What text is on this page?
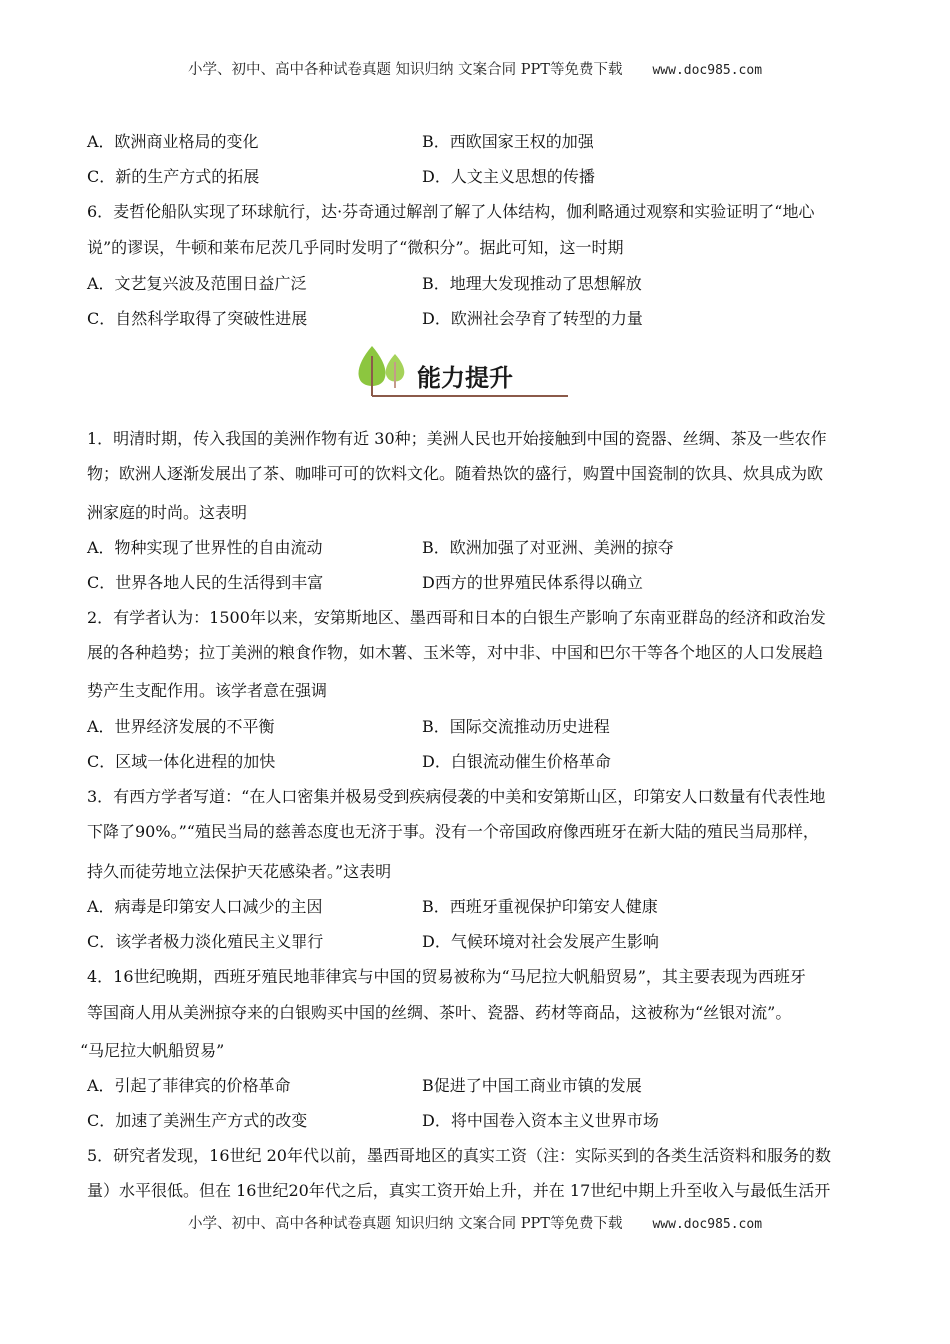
小学、初中、高中各种试卷真题 知识归纳 文案合同 PPT等免费下载 www.doc985.com
A．欧洲商业格局的变化	B．西欧国家王权的加强
C．新的生产方式的拓展	D．人文主义思想的传播
6．麦哲伦船队实现了环球航行，达·芬奇通过解剖了解了人体结构，伽利略通过观察和实验证明了“地心
说”的谬误，牛顿和莱布尼茨几乎同时发明了“微积分”。据此可知，这一时期
A．文艺复兴波及范围日益广泛	B．地理大发现推动了思想解放
C．自然科学取得了突破性进展	D．欧洲社会孕育了转型的力量
能力提升
1．明清时期，传入我国的美洲作物有近 30种；美洲人民也开始接触到中国的瓷器、丝绸、茶及一些农作
物；欧洲人逐渐发展出了茶、咖啡可可的饮料文化。随着热饮的盛行，购置中国瓷制的饮具、炊具成为欧
洲家庭的时尚。这表明
A．物种实现了世界性的自由流动	B．欧洲加强了对亚洲、美洲的掠夺
C．世界各地人民的生活得到丰富	D西方的世界殖民体系得以确立
2．有学者认为：1500年以来，安第斯地区、墨西哥和日本的白银生产影响了东南亚群岛的经济和政治发
展的各种趋势；拉丁美洲的粮食作物，如木薯、玉米等，对中非、中国和巴尔干等各个地区的人口发展趋
势产生支配作用。该学者意在强调
A．世界经济发展的不平衡	B．国际交流推动历史进程
C．区域一体化进程的加快	D．白银流动催生价格革命
3．有西方学者写道：“在人口密集并极易受到疾病侵袭的中美和安第斯山区，印第安人口数量有代表性地
下降了90%。”“殖民当局的慈善态度也无济于事。没有一个帝国政府像西班牙在新大陆的殖民当局那样，
持久而徒劳地立法保护天花感染者。”这表明
A．病毒是印第安人口减少的主因	B．西班牙重视保护印第安人健康
C．该学者极力淡化殖民主义罪行	D．气候环境对社会发展产生影响
4．16世纪晚期，西班牙殖民地菲律宾与中国的贸易被称为“马尼拉大帆船贸易”，其主要表现为西班牙
等国商人用从美洲掠夺来的白银购买中国的丝绸、茶叶、瓷器、药材等商品，这被称为“丝银对流”。
“马尼拉大帆船贸易”
A．引起了菲律宾的价格革命	B促进了中国工商业市镇的发展
C．加速了美洲生产方式的改变	D．将中国卷入资本主义世界市场
5．研究者发现，16世纪 20年代以前，墨西哥地区的真实工资（注：实际买到的各类生活资料和服务的数
量）水平很低。但在 16世纪20年代之后，真实工资开始上升，并在 17世纪中期上升至收入与最低生活开
小学、初中、高中各种试卷真题 知识归纳 文案合同 PPT等免费下载 www.doc985.com
